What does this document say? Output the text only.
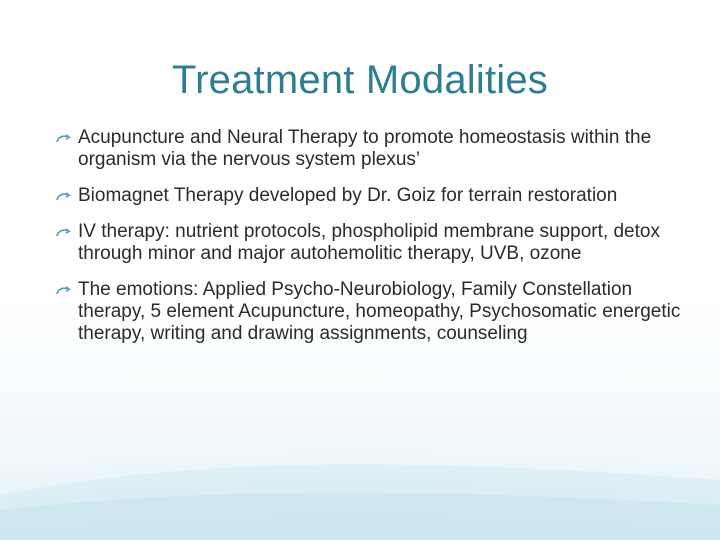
Treatment Modalities
Acupuncture and Neural Therapy to promote homeostasis within the organism via the nervous system plexus’
Biomagnet Therapy developed by Dr. Goiz for terrain restoration
IV therapy: nutrient protocols, phospholipid membrane support, detox through minor and major autohemolitic therapy, UVB, ozone
The emotions: Applied Psycho-Neurobiology, Family Constellation therapy, 5 element Acupuncture, homeopathy, Psychosomatic energetic therapy, writing and drawing assignments, counseling
